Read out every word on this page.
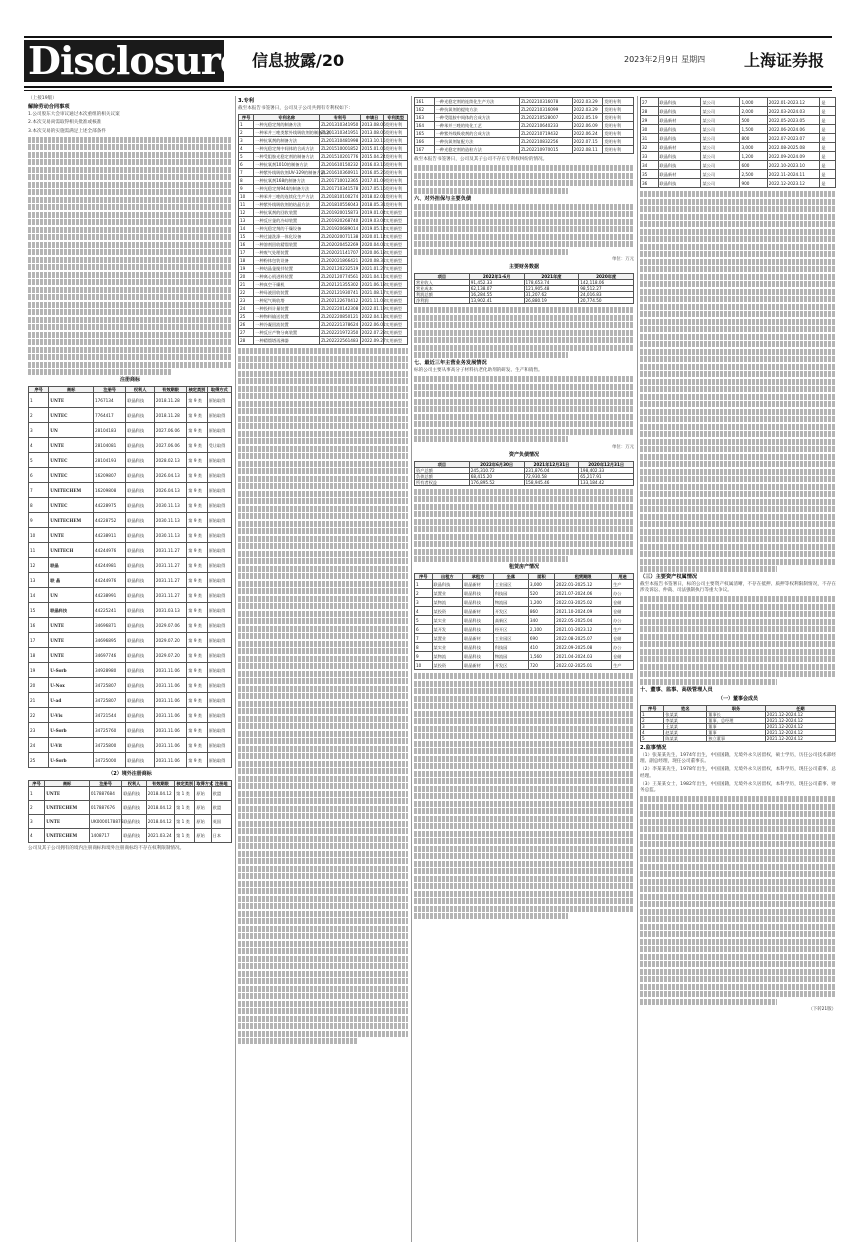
Disclosure 信息披露/20	2023年2月9日 星期四 上海证券报

（上接19版）

解除劳动合同事项

1.公司股东大会审议通过本次重组的相关议案

2.本次交易尚需取得相关批准或核准

3.本次交易的实施需满足上述全部条件

注册商标

序号	商标	注册号	权利人	有效期限	核定类别	取得方式
1	UNTE	1767134	联晶科技	2018.11.28	第 9 类	原始取得
2	UNTEC	7764417	联晶科技	2018.11.28	第 9 类	原始取得
3	UN	28104183	联晶科技	2027.06.06	第 9 类	原始取得
4	UNTE	28104081	联晶科技	2027.06.06	第 9 类	受让取得
5	UNTEC	28104193	联晶科技	2028.02.13	第 9 类	原始取得
6	UNTEC	16209807	联晶科技	2026.04.13	第 9 类	原始取得
7	UNITECHEM	16209808	联晶科技	2026.04.13	第 9 类	原始取得
8	UNTEC	44228975	联晶科技	2030.11.13	第 9 类	原始取得
9	UNITECHEM	44228752	联晶科技	2030.11.13	第 9 类	原始取得
10	UNTE	44238911	联晶科技	2030.11.13	第 9 类	原始取得
11	UNITECH	44244976	联晶科技	2031.11.27	第 9 类	原始取得
12	联晶	44244981	联晶科技	2031.11.27	第 9 类	原始取得
13	联 晶	44244976	联晶科技	2031.11.27	第 9 类	原始取得
14	UN	44238991	联晶科技	2031.11.27	第 9 类	原始取得
15	联晶科技	44225241	联晶科技	2031.03.13	第 9 类	原始取得
16	UNTE	34696871	联晶科技	2029.07.06	第 9 类	原始取得
17	UNTE	34696895	联晶科技	2029.07.20	第 9 类	原始取得
18	UNTE	34697746	联晶科技	2029.07.20	第 9 类	原始取得
19	U-Sorb	34928980	联晶科技	2031.11.06	第 9 类	原始取得
20	U-Nox	34725807	联晶科技	2031.11.06	第 9 类	原始取得
21	U-ad	34725807	联晶科技	2031.11.06	第 9 类	原始取得
22	U-Vis	34721544	联晶科技	2031.11.06	第 9 类	原始取得
23	U-Sorb	34725760	联晶科技	2031.11.06	第 9 类	原始取得
24	U-Vit	34725800	联晶科技	2031.11.06	第 9 类	原始取得
25	U-Sorb	34725000	联晶科技	2031.11.06	第 9 类	原始取得

（2）境外注册商标

序号	商标	注册号	权利人	有效期限	核定类别	取得方式	注册地
1	UNTE	017887684	联晶科技	2018.04.12	第 1 类	原始	欧盟
2	UNITECHEM	017887676	联晶科技	2018.04.12	第 1 类	原始	欧盟
3	UNTE	UK0000178876	联晶科技	2018.04.12	第 1 类	原始	英国
4	UNITECHEM	1408717	联晶科技	2021.03.24	第 1 类	原始	日本

公司及其子公司拥有的境内注册商标和境外注册商标均不存在权利限制情况。

3.专利

截至本报告书签署日，公司及子公司共拥有专利权如下：

序号	专利名称	专利号	申请日	专利类型
1	一种光稳定剂的制备方法	ZL201310341950	2013.08.06	发明专利
2	一种苯并三唑类紫外线吸收剂的制备方法	ZL201310341951	2013.08.06	发明专利
3	一种抗氧剂的制备方法	ZL201310481998	2013.10.15	发明专利
4	一种光稳定剂中间体的合成方法	ZL201510001852	2015.01.05	发明专利
5	一种受阻胺光稳定剂的制备方法	ZL201510201776	2015.04.24	发明专利
6	一种抗氧剂1010的制备方法	ZL201610150232	2016.03.16	发明专利
7	一种紫外线吸收剂UV-329的制备方法	ZL201610360911	2016.05.26	发明专利
8	一种抗氧剂168的制备方法	ZL201710012365	2017.01.09	发明专利
9	一种光稳定剂944的制备方法	ZL201710341578	2017.05.16	发明专利
10	一种苯并三唑的连续化生产方法	ZL201810100274	2018.02.01	发明专利
11	一种紫外线吸收剂的结晶方法	ZL201810556043	2018.05.31	发明专利
12	一种抗氧剂的回收装置	ZL201920015873	2019.01.04	实用新型
13	一种反应釜的冷却装置	ZL201920268740	2019.03.04	实用新型
14	一种光稳定剂的干燥设备	ZL201920689014	2019.05.14	实用新型
15	一种过滤洗涤一体化设备	ZL202020071138	2020.01.14	实用新型
16	一种溶剂回收精馏装置	ZL202020452269	2020.04.01	实用新型
17	一种废气处理装置	ZL202021141707	2020.06.18	实用新型
18	一种粉体包装设备	ZL202021866421	2020.08.31	实用新型
19	一种结晶釜搅拌装置	ZL202120232519	2021.01.27	实用新型
20	一种离心机进料装置	ZL202120774561	2021.04.15	实用新型
21	一种真空干燥机	ZL202121355302	2021.06.18	实用新型
22	一种母液回收装置	ZL202121930741	2021.08.17	实用新型
23	一种尾气吸收塔	ZL202122670412	2021.11.03	实用新型
24	一种投料计量装置	ZL202220142308	2022.01.19	实用新型
25	一种物料输送装置	ZL202220850121	2022.04.13	实用新型
26	一种冷凝回流装置	ZL202221378624	2022.06.01	实用新型
27	一种反应产物分离装置	ZL202221972350	2022.07.28	实用新型
28	一种精馏塔再沸器	ZL202222561483	2022.09.27	实用新型
161	一种光稳定剂的连续化生产方法	ZL202210316078	2022.03.29	发明专利
162	一种抗氧剂的提纯方法	ZL202210316099	2022.03.29	发明专利
163	一种受阻胺中间体的合成方法	ZL202210528007	2022.05.19	发明专利
164	一种苯并三唑的纯化工艺	ZL202210640233	2022.06.09	发明专利
165	一种紫外线吸收剂的合成方法	ZL202210719432	2022.06.24	发明专利
166	一种抗氧剂复配方法	ZL202210832256	2022.07.15	发明专利
167	一种光稳定剂的造粒方法	ZL202210970015	2022.08.11	发明专利

截至本报告书签署日，公司及其子公司不存在专利权纠纷的情况。

六、对外担保与主要负债

单位：万元

主要财务数据

项目	2022年1-6月	2021年度	2020年度
营业收入	91,452.33	178,653.74	142,118.06
营业成本	62,138.07	121,905.48	98,512.27
利润总额	16,284.55	31,207.62	24,016.83
净利润	13,902.41	26,880.19	20,774.50

七、最近三年主营业务发展情况

标的公司主要从事高分子材料抗老化助剂的研发、生产和销售。

单位：万元

资产负债情况

项目	2022年6月30日	2021年12月31日	2020年12月31日
资产总额	245,310.72	231,876.04	198,402.33
负债总额	68,415.20	72,930.58	65,217.91
所有者权益	176,895.52	158,945.46	133,184.42

租赁房产情况

序号	出租方	承租方	坐落	面积	租赁期限	用途
1	联晶科技	联晶新材	工业园区	3,000	2022.01-2025.12	生产
2	某置业	联晶科技	科技园	520	2021.07-2024.06	办公
3	某物流	联晶科技	物流园	1,200	2022.03-2025.02	仓储
4	某投资	联晶新材	开发区	860	2021.10-2024.09	仓储
5	某实业	联晶科技	高新区	340	2022.05-2025.04	办公
6	某开发	联晶科技	经开区	2,100	2021.01-2023.12	生产
7	某置业	联晶新材	工业园区	690	2022.08-2025.07	仓储
8	某实业	联晶科技	科技园	410	2022.09-2025.08	办公
9	某物流	联晶科技	物流园	1,560	2021.04-2024.03	仓储
10	某投资	联晶新材	开发区	720	2022.02-2025.01	生产
27	联晶科技	某公司	1,000	2022.01-2023.12	是
28	联晶科技	某公司	2,000	2022.03-2024.03	是
29	联晶新材	某公司	500	2022.05-2023.05	是
30	联晶科技	某公司	1,500	2022.06-2024.06	是
31	联晶科技	某公司	800	2022.07-2023.07	是
32	联晶新材	某公司	3,000	2022.08-2025.08	是
33	联晶科技	某公司	1,200	2022.09-2024.09	是
34	联晶科技	某公司	600	2022.10-2023.10	是
35	联晶新材	某公司	2,500	2022.11-2024.11	是
36	联晶科技	某公司	900	2022.12-2023.12	是

（三）主要资产权属情况

截至本报告书签署日，标的公司主要资产权属清晰，不存在抵押、质押等权利限制情况，不存在涉及诉讼、仲裁、司法强制执行等重大争议。

十、董事、监事、高级管理人员

（一）董事会成员

序号	姓名	职务	任期
1	张某某	董事长	2021.12-2024.12
2	李某某	董事、总经理	2021.12-2024.12
3	王某某	董事	2021.12-2024.12
4	赵某某	董事	2021.12-2024.12
5	陈某某	独立董事	2021.12-2024.12

2.监事情况

（1）张某某先生，1974年出生，中国国籍，无境外永久居留权，硕士学历，历任公司技术部经理、副总经理，现任公司董事长。

（2）李某某先生，1978年出生，中国国籍，无境外永久居留权，本科学历，现任公司董事、总经理。

（3）王某某女士，1982年出生，中国国籍，无境外永久居留权，本科学历，现任公司董事、财务总监。

（下转21版）
